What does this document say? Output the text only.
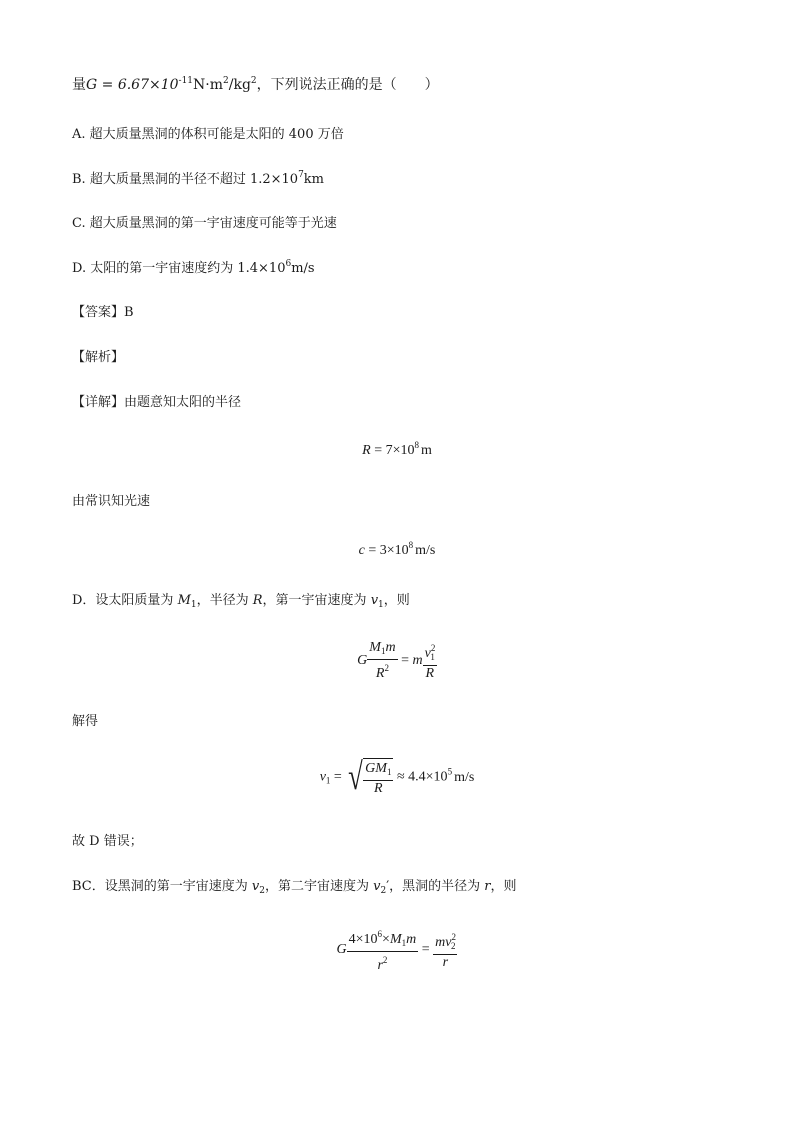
量$G = 6.67\times 10^{-11}N\cdot m^2/kg^2$，下列说法正确的是（　　）
A. 超大质量黑洞的体积可能是太阳的 400 万倍
B. 超大质量黑洞的半径不超过 $1.2\times 10^7km$
C. 超大质量黑洞的第一宇宙速度可能等于光速
D. 太阳的第一宇宙速度约为 $1.4\times 10^6m/s$
【答案】B
【解析】
【详解】由题意知太阳的半径
$R = 7\times 10^8$ m
由常识知光速
$c = 3\times 10^8$ m/s
D．设太阳质量为 $M_1$，半径为 R，第一宇宙速度为 $v_1$，则
G $\frac{M_1m}{R^2} = m \frac{v^2_1}{R}$
解得
$v_1$ = √ $\frac{GM_1}{R} \approx 4.4\times 10^5$ m/s
故 D 错误；
BC．设黑洞的第一宇宙速度为 $v_2$，第二宇宙速度为 $v_2'$，黑洞的半径为 r，则
G $\frac{4\times 10^6\times M_1m}{r^2} = \frac{mv^2_2}{r}$
